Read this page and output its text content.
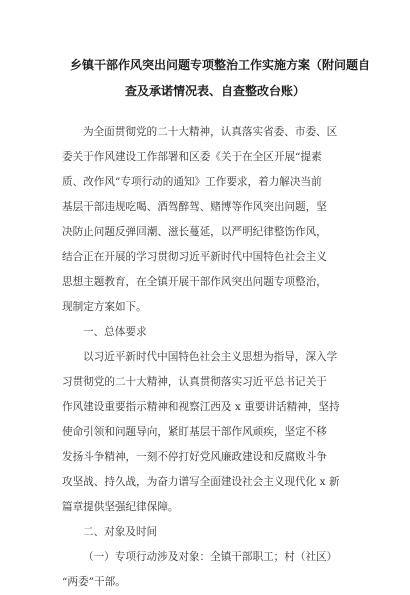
乡镇干部作风突出问题专项整治工作实施方案（附问题自
查及承诺情况表、自查整改台账）
为全面贯彻党的二十大精神，认真落实省委、市委、区
委关于作风建设工作部署和区委《关于在全区开展“提素
质、改作风”专项行动的通知》工作要求，着力解决当前
基层干部违规吃喝、酒驾醉驾、赌博等作风突出问题，坚
决防止问题反弹回潮、滋长蔓延，以严明纪律整饬作风，
结合正在开展的学习贯彻习近平新时代中国特色社会主义
思想主题教育，在全镇开展干部作风突出问题专项整治，
现制定方案如下。
一、总体要求
以习近平新时代中国特色社会主义思想为指导，深入学
习贯彻党的二十大精神，认真贯彻落实习近平总书记关于
作风建设重要指示精神和视察江西及 x 重要讲话精神，坚持
使命引领和问题导向，紧盯基层干部作风顽疾，坚定不移
发扬斗争精神，一刻不停打好党风廉政建设和反腐败斗争
攻坚战、持久战，为奋力谱写全面建设社会主义现代化 x 新
篇章提供坚强纪律保障。
二、对象及时间
（一）专项行动涉及对象：全镇干部职工；村（社区）
“两委”干部。
